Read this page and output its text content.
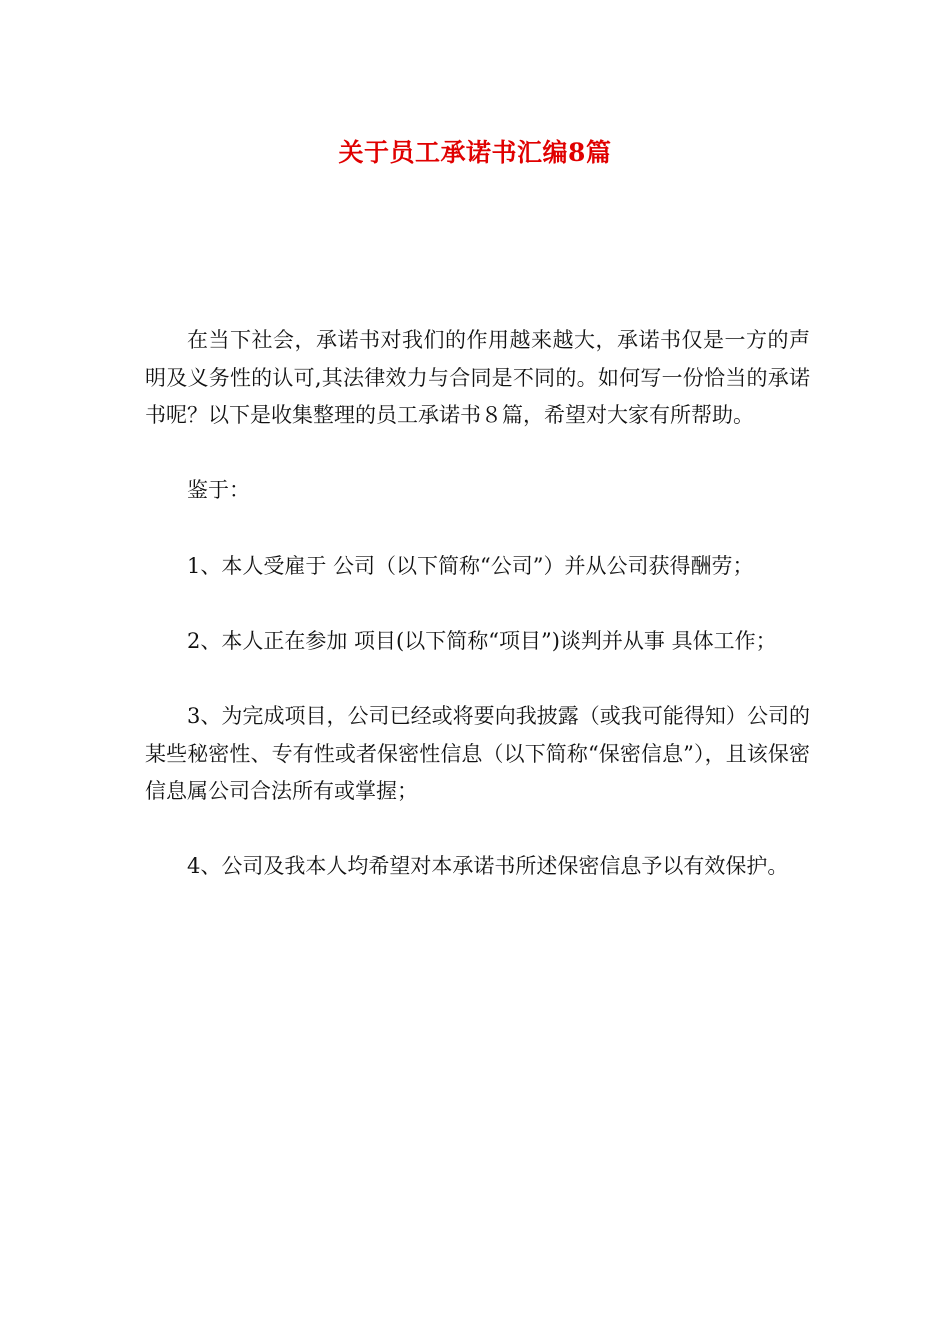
关于员工承诺书汇编8篇

在当下社会，承诺书对我们的作用越来越大，承诺书仅是一方的声明及义务性的认可,其法律效力与合同是不同的。如何写一份恰当的承诺书呢？以下是收集整理的员工承诺书８篇，希望对大家有所帮助。

鉴于：

1、本人受雇于 公司（以下简称“公司”）并从公司获得酬劳；

2、本人正在参加 项目(以下简称“项目”)谈判并从事 具体工作；

3、为完成项目，公司已经或将要向我披露（或我可能得知）公司的某些秘密性、专有性或者保密性信息（以下简称“保密信息”），且该保密信息属公司合法所有或掌握；

4、公司及我本人均希望对本承诺书所述保密信息予以有效保护。
